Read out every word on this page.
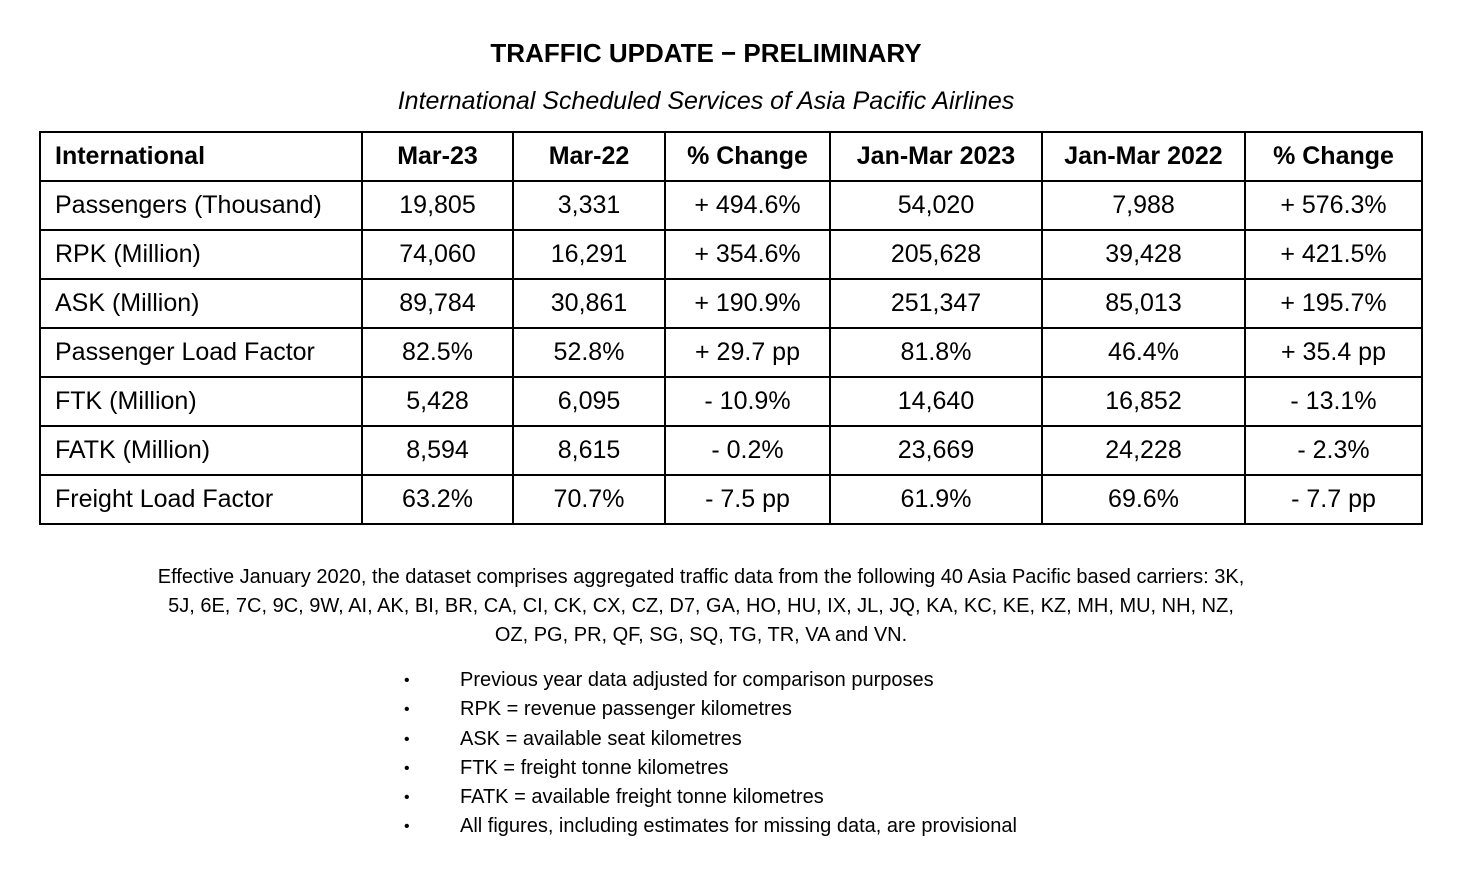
TRAFFIC UPDATE − PRELIMINARY
International Scheduled Services of Asia Pacific Airlines
International	Mar-23	Mar-22	% Change	Jan-Mar 2023	Jan-Mar 2022	% Change
Passengers (Thousand)	19,805	3,331	+ 494.6%	54,020	7,988	+ 576.3%
RPK (Million)	74,060	16,291	+ 354.6%	205,628	39,428	+ 421.5%
ASK (Million)	89,784	30,861	+ 190.9%	251,347	85,013	+ 195.7%
Passenger Load Factor	82.5%	52.8%	+ 29.7 pp	81.8%	46.4%	+ 35.4 pp
FTK (Million)	5,428	6,095	- 10.9%	14,640	16,852	- 13.1%
FATK (Million)	8,594	8,615	- 0.2%	23,669	24,228	- 2.3%
Freight Load Factor	63.2%	70.7%	- 7.5 pp	61.9%	69.6%	- 7.7 pp
Effective January 2020, the dataset comprises aggregated traffic data from the following 40 Asia Pacific based carriers: 3K,
5J, 6E, 7C, 9C, 9W, AI, AK, BI, BR, CA, CI, CK, CX, CZ, D7, GA, HO, HU, IX, JL, JQ, KA, KC, KE, KZ, MH, MU, NH, NZ,
OZ, PG, PR, QF, SG, SQ, TG, TR, VA and VN.
•	Previous year data adjusted for comparison purposes
•	RPK = revenue passenger kilometres
•	ASK = available seat kilometres
•	FTK = freight tonne kilometres
•	FATK = available freight tonne kilometres
•	All figures, including estimates for missing data, are provisional
